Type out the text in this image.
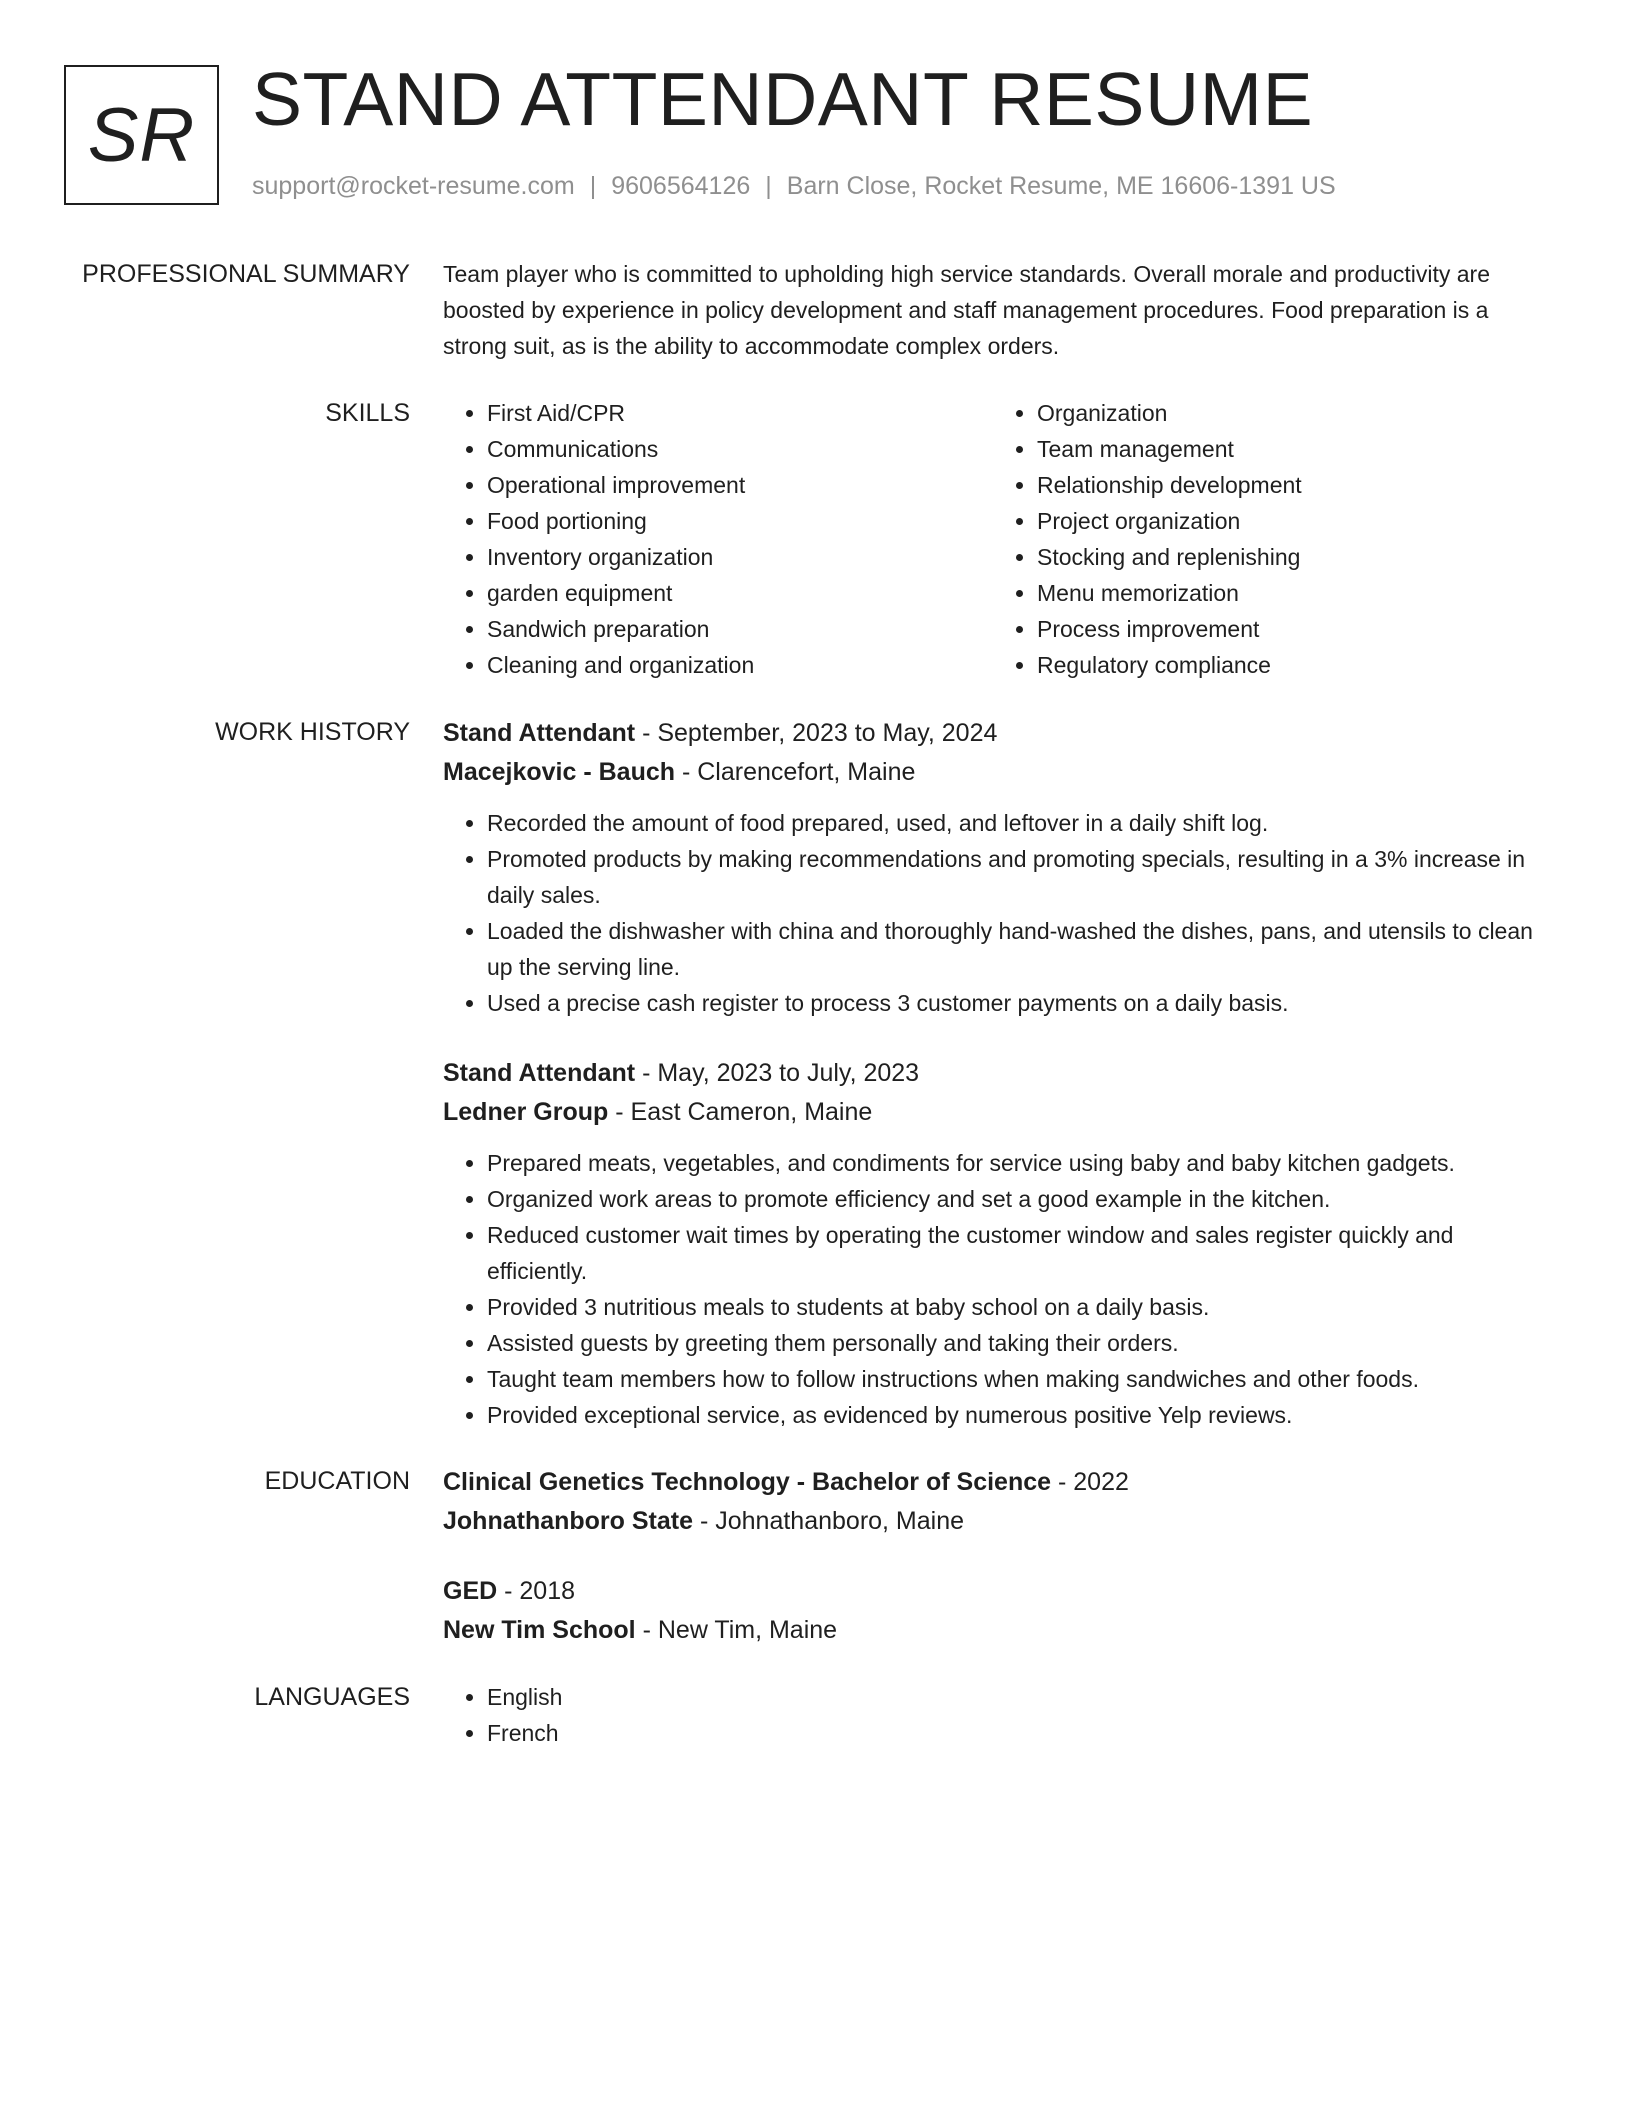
SR STAND ATTENDANT RESUME
support@rocket-resume.com | 9606564126 | Barn Close, Rocket Resume, ME 16606-1391 US
PROFESSIONAL SUMMARY Team player who is committed to upholding high service standards. Overall morale and productivity are boosted by experience in policy development and staff management procedures. Food preparation is a strong suit, as is the ability to accommodate complex orders.
SKILLS	• First Aid/CPR
• Communications
• Operational improvement
• Food portioning
• Inventory organization
• garden equipment
• Sandwich preparation
• Cleaning and organization
• Organization
• Team management
• Relationship development
• Project organization
• Stocking and replenishing
• Menu memorization
• Process improvement
• Regulatory compliance
WORK HISTORY Stand Attendant - September, 2023 to May, 2024
Macejkovic - Bauch - Clarencefort, Maine
• Recorded the amount of food prepared, used, and leftover in a daily shift log.
• Promoted products by making recommendations and promoting specials, resulting in a 3% increase in daily sales.
• Loaded the dishwasher with china and thoroughly hand-washed the dishes, pans, and utensils to clean up the serving line.
• Used a precise cash register to process 3 customer payments on a daily basis.
Stand Attendant - May, 2023 to July, 2023
Ledner Group - East Cameron, Maine
• Prepared meats, vegetables, and condiments for service using baby and baby kitchen gadgets.
• Organized work areas to promote efficiency and set a good example in the kitchen.
• Reduced customer wait times by operating the customer window and sales register quickly and efficiently.
• Provided 3 nutritious meals to students at baby school on a daily basis.
• Assisted guests by greeting them personally and taking their orders.
• Taught team members how to follow instructions when making sandwiches and other foods.
• Provided exceptional service, as evidenced by numerous positive Yelp reviews.
EDUCATION Clinical Genetics Technology - Bachelor of Science - 2022
Johnathanboro State - Johnathanboro, Maine
GED - 2018
New Tim School - New Tim, Maine
LANGUAGES	• English
• French
